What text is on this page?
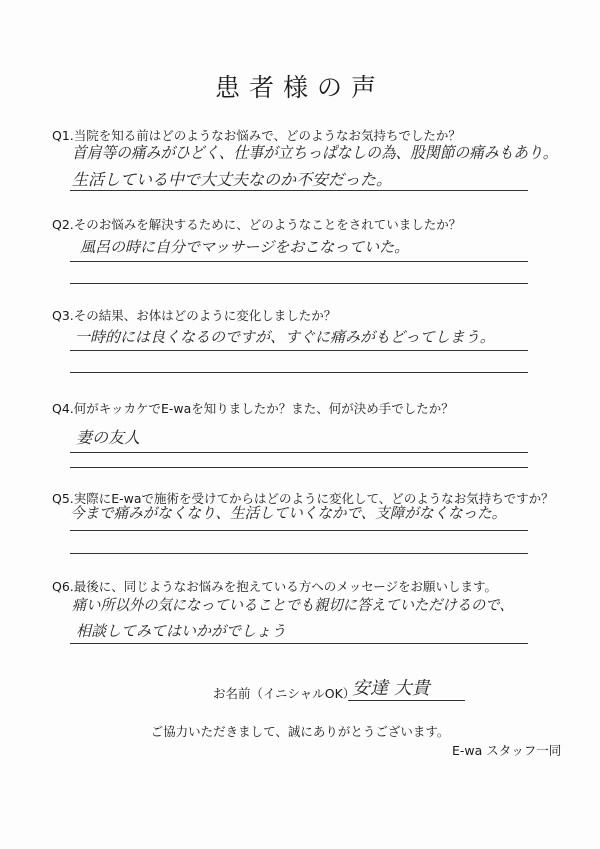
患者様の声
Q1.当院を知る前はどのようなお悩みで、どのようなお気持ちでしたか？
首肩等の痛みがひどく、仕事が立ちっぱなしの為、股関節の痛みもあり。
生活している中で大丈夫なのか不安だった。
Q2.そのお悩みを解決するために、どのようなことをされていましたか？
風呂の時に自分でマッサージをおこなっていた。
Q3.その結果、お体はどのように変化しましたか？
一時的には良くなるのですが、すぐに痛みがもどってしまう。
Q4.何がキッカケでE-waを知りましたか？また、何が決め手でしたか？
妻の友人
Q5.実際にE-waで施術を受けてからはどのように変化して、どのようなお気持ちですか？
今まで痛みがなくなり、生活していくなかで、支障がなくなった。
Q6.最後に、同じようなお悩みを抱えている方へのメッセージをお願いします。
痛い所以外の気になっていることでも親切に答えていただけるので、
相談してみてはいかがでしょう
お名前（イニシャルOK）
安達 大貴
ご協力いただきまして、誠にありがとうございます。
E-wa スタッフ一同
